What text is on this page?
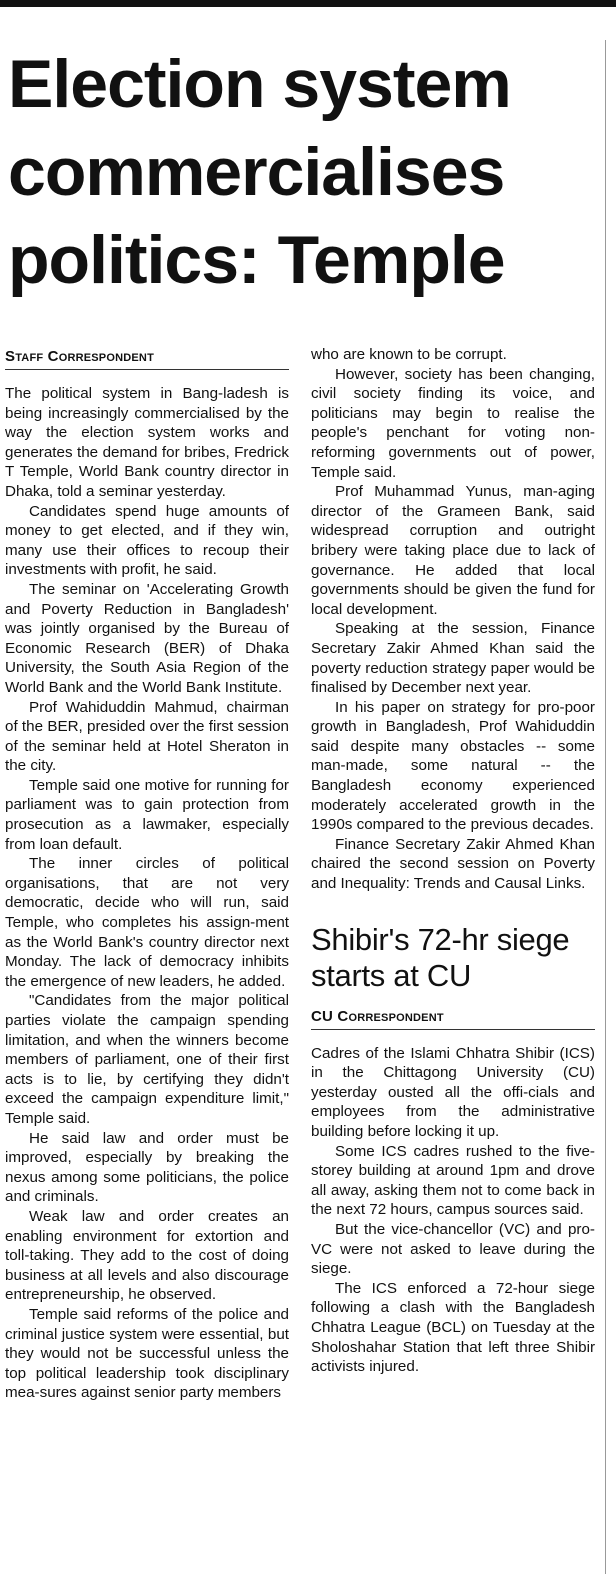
Election system commercialises politics: Temple
Staff Correspondent

The political system in Bang-ladesh is being increasingly commercialised by the way the election system works and generates the demand for bribes, Fredrick T Temple, World Bank country director in Dhaka, told a seminar yesterday.

Candidates spend huge amounts of money to get elected, and if they win, many use their offices to recoup their investments with profit, he said.

The seminar on 'Accelerating Growth and Poverty Reduction in Bangladesh' was jointly organised by the Bureau of Economic Research (BER) of Dhaka University, the South Asia Region of the World Bank and the World Bank Institute.

Prof Wahiduddin Mahmud, chairman of the BER, presided over the first session of the seminar held at Hotel Sheraton in the city.

Temple said one motive for running for parliament was to gain protection from prosecution as a lawmaker, especially from loan default.

The inner circles of political organisations, that are not very democratic, decide who will run, said Temple, who completes his assign-ment as the World Bank's country director next Monday. The lack of democracy inhibits the emergence of new leaders, he added.

"Candidates from the major political parties violate the campaign spending limitation, and when the winners become members of parliament, one of their first acts is to lie, by certifying they didn't exceed the campaign expenditure limit," Temple said.

He said law and order must be improved, especially by breaking the nexus among some politicians, the police and criminals.

Weak law and order creates an enabling environment for extortion and toll-taking. They add to the cost of doing business at all levels and also discourage entrepreneurship, he observed.

Temple said reforms of the police and criminal justice system were essential, but they would not be successful unless the top political leadership took disciplinary mea-sures against senior party members

who are known to be corrupt.

However, society has been changing, civil society finding its voice, and politicians may begin to realise the people's penchant for voting non-reforming governments out of power, Temple said.

Prof Muhammad Yunus, man-aging director of the Grameen Bank, said widespread corruption and outright bribery were taking place due to lack of governance. He added that local governments should be given the fund for local development.

Speaking at the session, Finance Secretary Zakir Ahmed Khan said the poverty reduction strategy paper would be finalised by December next year.

In his paper on strategy for pro-poor growth in Bangladesh, Prof Wahiduddin said despite many obstacles -- some man-made, some natural -- the Bangladesh economy experienced moderately accelerated growth in the 1990s compared to the previous decades.

Finance Secretary Zakir Ahmed Khan chaired the second session on Poverty and Inequality: Trends and Causal Links.

Shibir's 72-hr siege starts at CU
CU Correspondent

Cadres of the Islami Chhatra Shibir (ICS) in the Chittagong University (CU) yesterday ousted all the offi-cials and employees from the administrative building before locking it up.

Some ICS cadres rushed to the five-storey building at around 1pm and drove all away, asking them not to come back in the next 72 hours, campus sources said.

But the vice-chancellor (VC) and pro-VC were not asked to leave during the siege.

The ICS enforced a 72-hour siege following a clash with the Bangladesh Chhatra League (BCL) on Tuesday at the Sholoshahar Station that left three Shibir activists injured.
